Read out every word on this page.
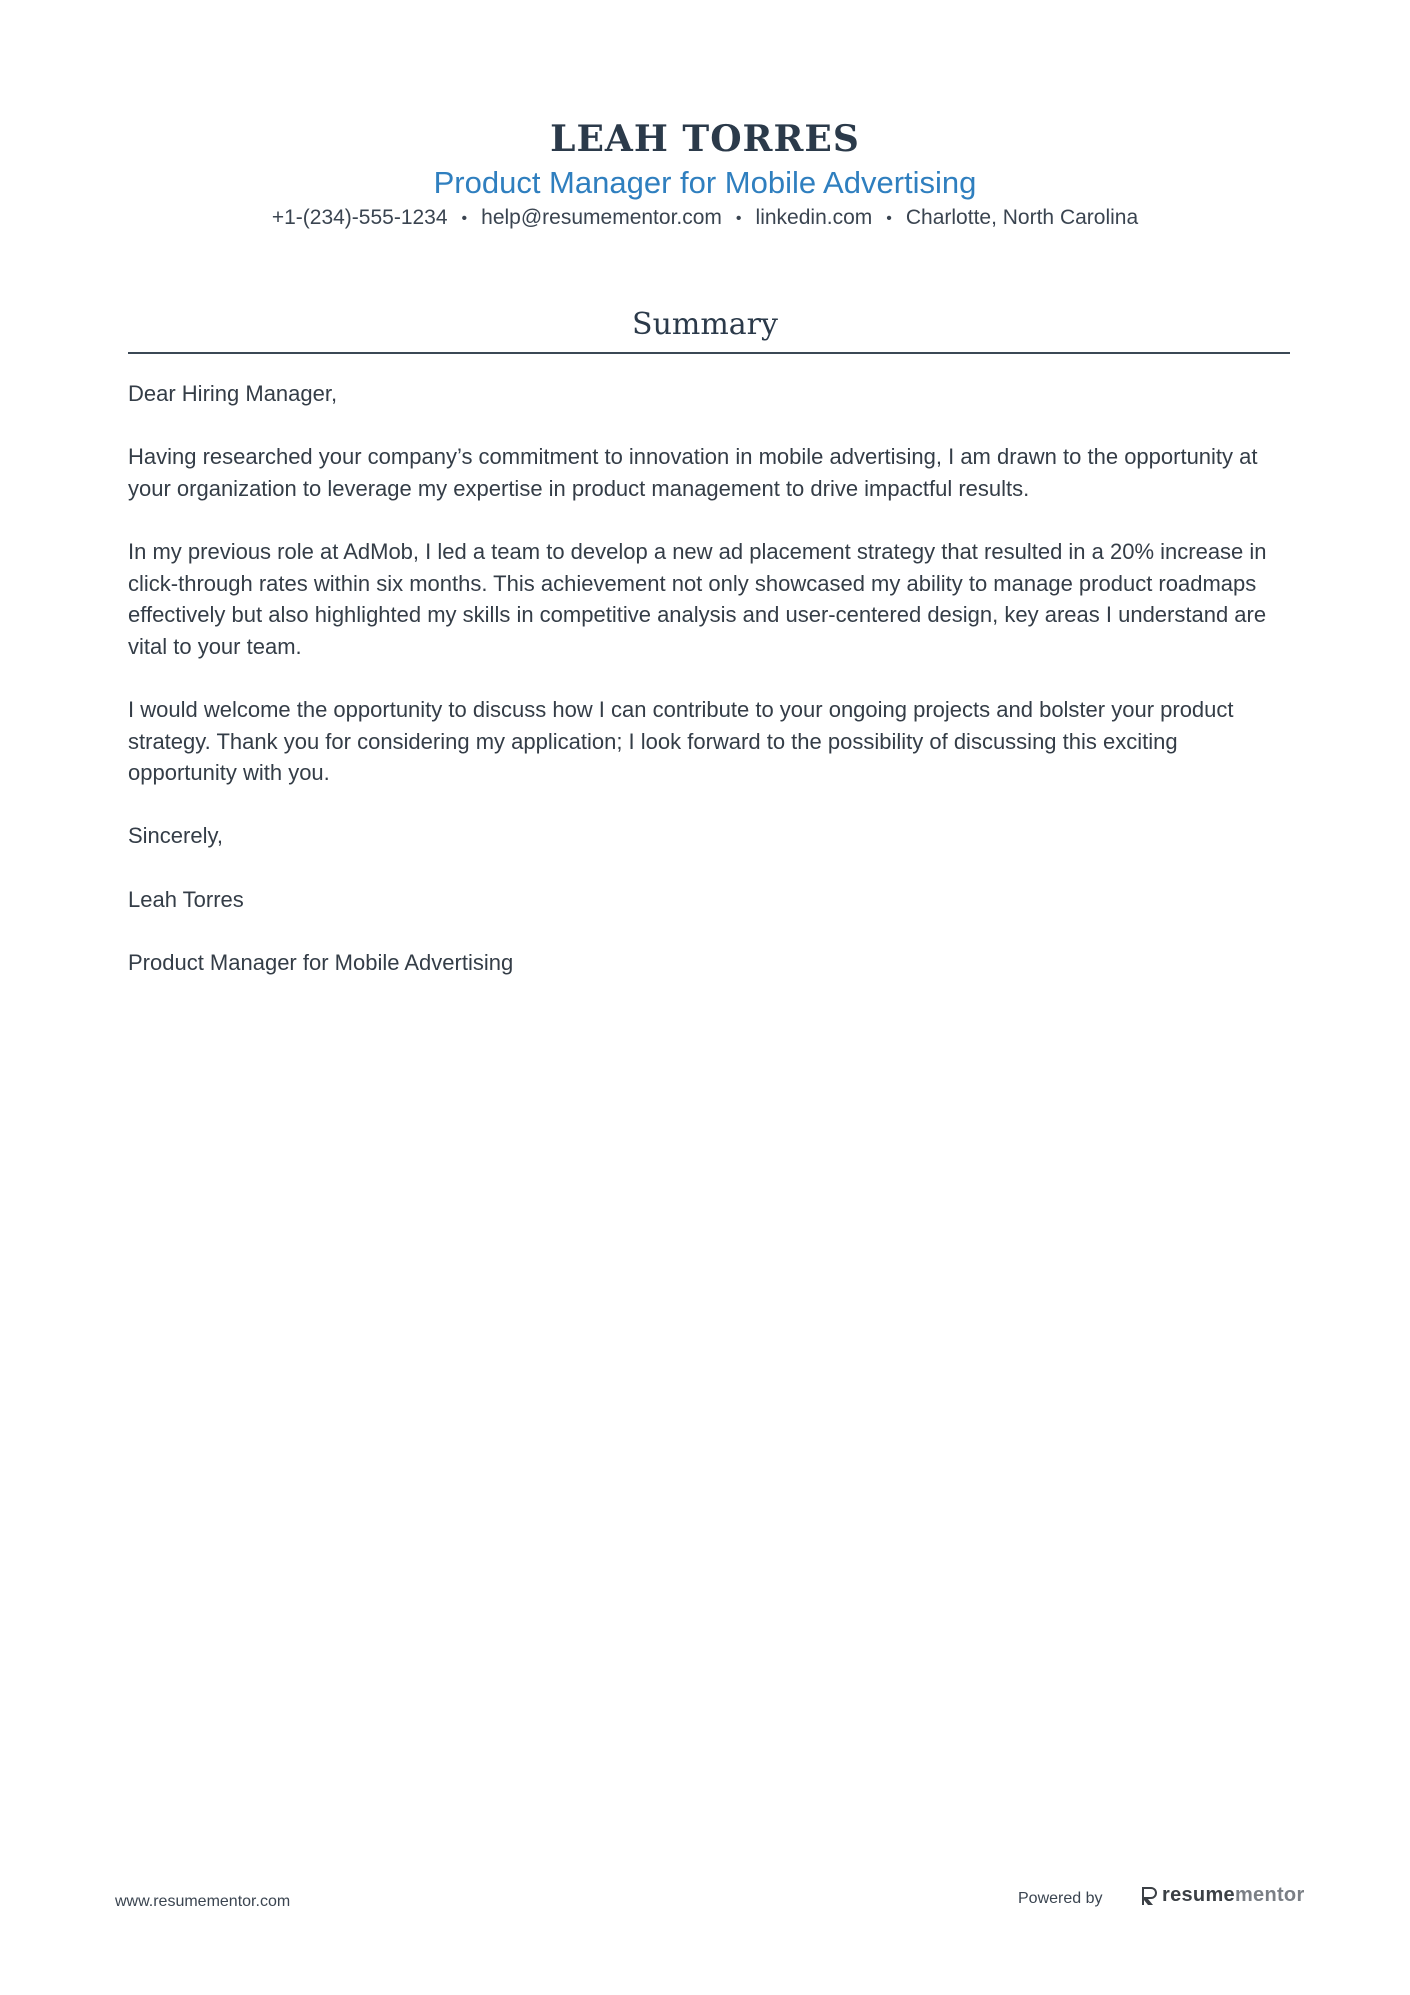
LEAH TORRES
Product Manager for Mobile Advertising
+1-(234)-555-1234 • help@resumementor.com • linkedin.com • Charlotte, North Carolina
Summary

Dear Hiring Manager,

Having researched your company’s commitment to innovation in mobile advertising, I am drawn to the opportunity at your organization to leverage my expertise in product management to drive impactful results.

In my previous role at AdMob, I led a team to develop a new ad placement strategy that resulted in a 20% increase in click-through rates within six months. This achievement not only showcased my ability to manage product roadmaps effectively but also highlighted my skills in competitive analysis and user-centered design, key areas I understand are vital to your team.

I would welcome the opportunity to discuss how I can contribute to your ongoing projects and bolster your product strategy. Thank you for considering my application; I look forward to the possibility of discussing this exciting opportunity with you.

Sincerely,

Leah Torres

Product Manager for Mobile Advertising

www.resumementor.com	Powered by	resume mentor
